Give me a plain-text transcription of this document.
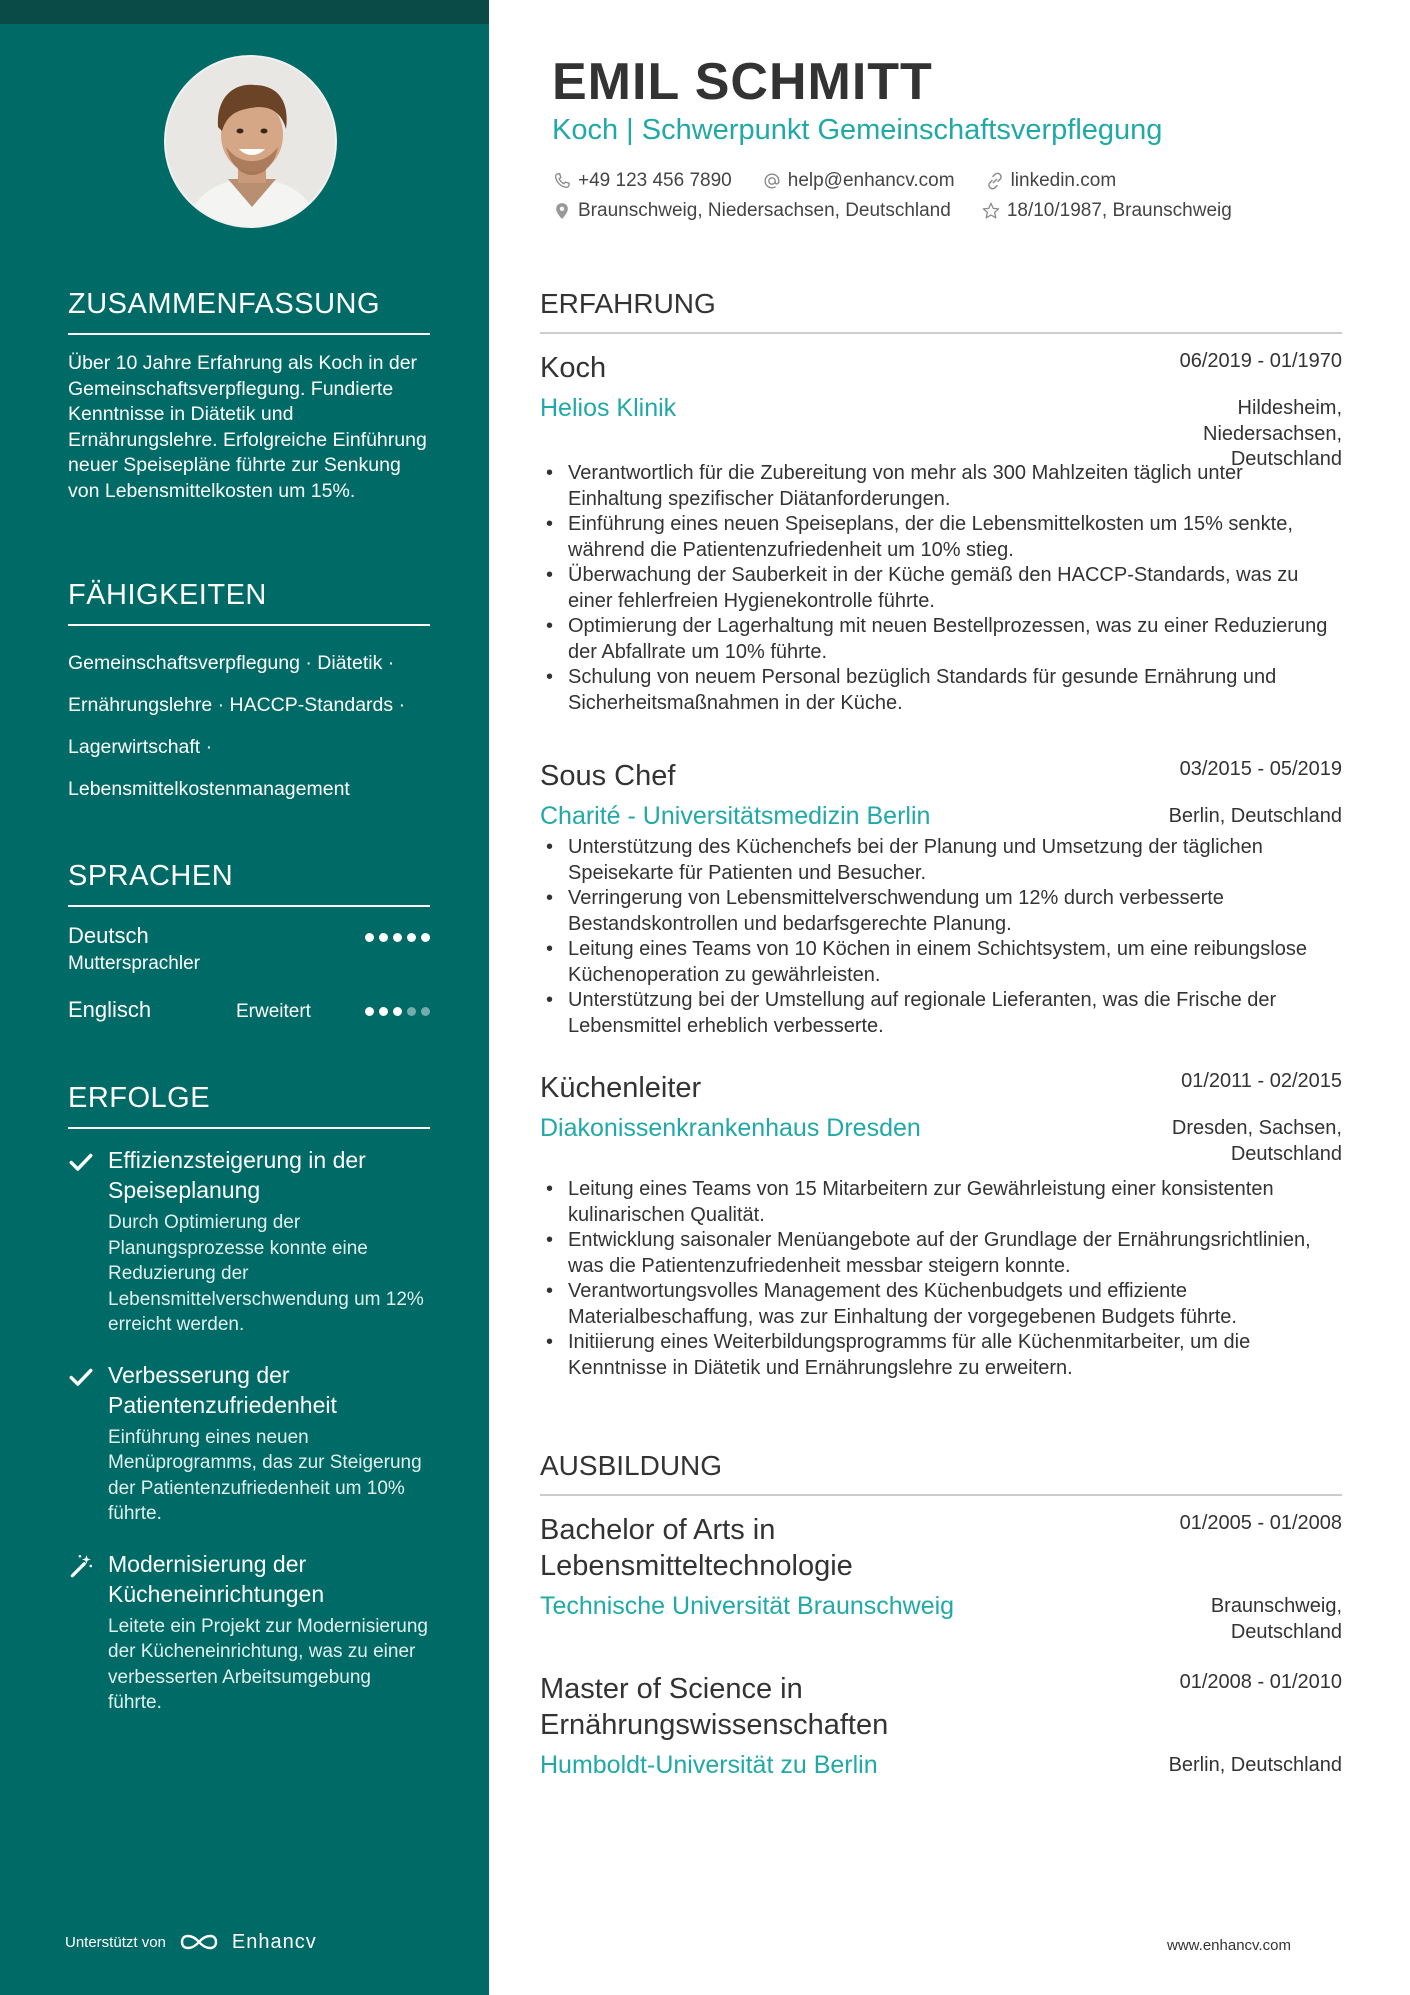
ZUSAMMENFASSUNG
Über 10 Jahre Erfahrung als Koch in der Gemeinschaftsverpflegung. Fundierte Kenntnisse in Diätetik und Ernährungslehre. Erfolgreiche Einführung neuer Speisepläne führte zur Senkung von Lebensmittelkosten um 15%.
FÄHIGKEITEN
Gemeinschaftsverpflegung · Diätetik ·
Ernährungslehre · HACCP-Standards ·
Lagerwirtschaft ·
Lebensmittelkostenmanagement
SPRACHEN
Deutsch
Muttersprachler
Englisch	Erweitert
ERFOLGE
Effizienzsteigerung in der Speiseplanung
Durch Optimierung der Planungsprozesse konnte eine Reduzierung der Lebensmittelverschwendung um 12% erreicht werden.
Verbesserung der Patientenzufriedenheit
Einführung eines neuen Menüprogramms, das zur Steigerung der Patientenzufriedenheit um 10% führte.
Modernisierung der Kücheneinrichtungen
Leitete ein Projekt zur Modernisierung der Kücheneinrichtung, was zu einer verbesserten Arbeitsumgebung führte.
Unterstützt von	Enhancv
EMIL SCHMITT
Koch | Schwerpunkt Gemeinschaftsverpflegung
+49 123 456 7890	help@enhancv.com	linkedin.com
Braunschweig, Niedersachsen, Deutschland	18/10/1987, Braunschweig
ERFAHRUNG
Koch	06/2019 - 01/1970
Helios Klinik	Hildesheim,
Niedersachsen,
Deutschland
• Verantwortlich für die Zubereitung von mehr als 300 Mahlzeiten täglich unter Einhaltung spezifischer Diätanforderungen.
• Einführung eines neuen Speiseplans, der die Lebensmittelkosten um 15% senkte, während die Patientenzufriedenheit um 10% stieg.
• Überwachung der Sauberkeit in der Küche gemäß den HACCP-Standards, was zu einer fehlerfreien Hygienekontrolle führte.
• Optimierung der Lagerhaltung mit neuen Bestellprozessen, was zu einer Reduzierung der Abfallrate um 10% führte.
• Schulung von neuem Personal bezüglich Standards für gesunde Ernährung und Sicherheitsmaßnahmen in der Küche.
Sous Chef	03/2015 - 05/2019
Charité - Universitätsmedizin Berlin	Berlin, Deutschland
• Unterstützung des Küchenchefs bei der Planung und Umsetzung der täglichen Speisekarte für Patienten und Besucher.
• Verringerung von Lebensmittelverschwendung um 12% durch verbesserte Bestandskontrollen und bedarfsgerechte Planung.
• Leitung eines Teams von 10 Köchen in einem Schichtsystem, um eine reibungslose Küchenoperation zu gewährleisten.
• Unterstützung bei der Umstellung auf regionale Lieferanten, was die Frische der Lebensmittel erheblich verbesserte.
Küchenleiter	01/2011 - 02/2015
Diakonissenkrankenhaus Dresden	Dresden, Sachsen,
Deutschland
• Leitung eines Teams von 15 Mitarbeitern zur Gewährleistung einer konsistenten kulinarischen Qualität.
• Entwicklung saisonaler Menüangebote auf der Grundlage der Ernährungsrichtlinien, was die Patientenzufriedenheit messbar steigern konnte.
• Verantwortungsvolles Management des Küchenbudgets und effiziente Materialbeschaffung, was zur Einhaltung der vorgegebenen Budgets führte.
• Initiierung eines Weiterbildungsprogramms für alle Küchenmitarbeiter, um die Kenntnisse in Diätetik und Ernährungslehre zu erweitern.
AUSBILDUNG
Bachelor of Arts in Lebensmitteltechnologie
01/2005 - 01/2008
Technische Universität Braunschweig	Braunschweig,
Deutschland
Master of Science in Ernährungswissenschaften
01/2008 - 01/2010
Humboldt-Universität zu Berlin	Berlin, Deutschland
www.enhancv.com
